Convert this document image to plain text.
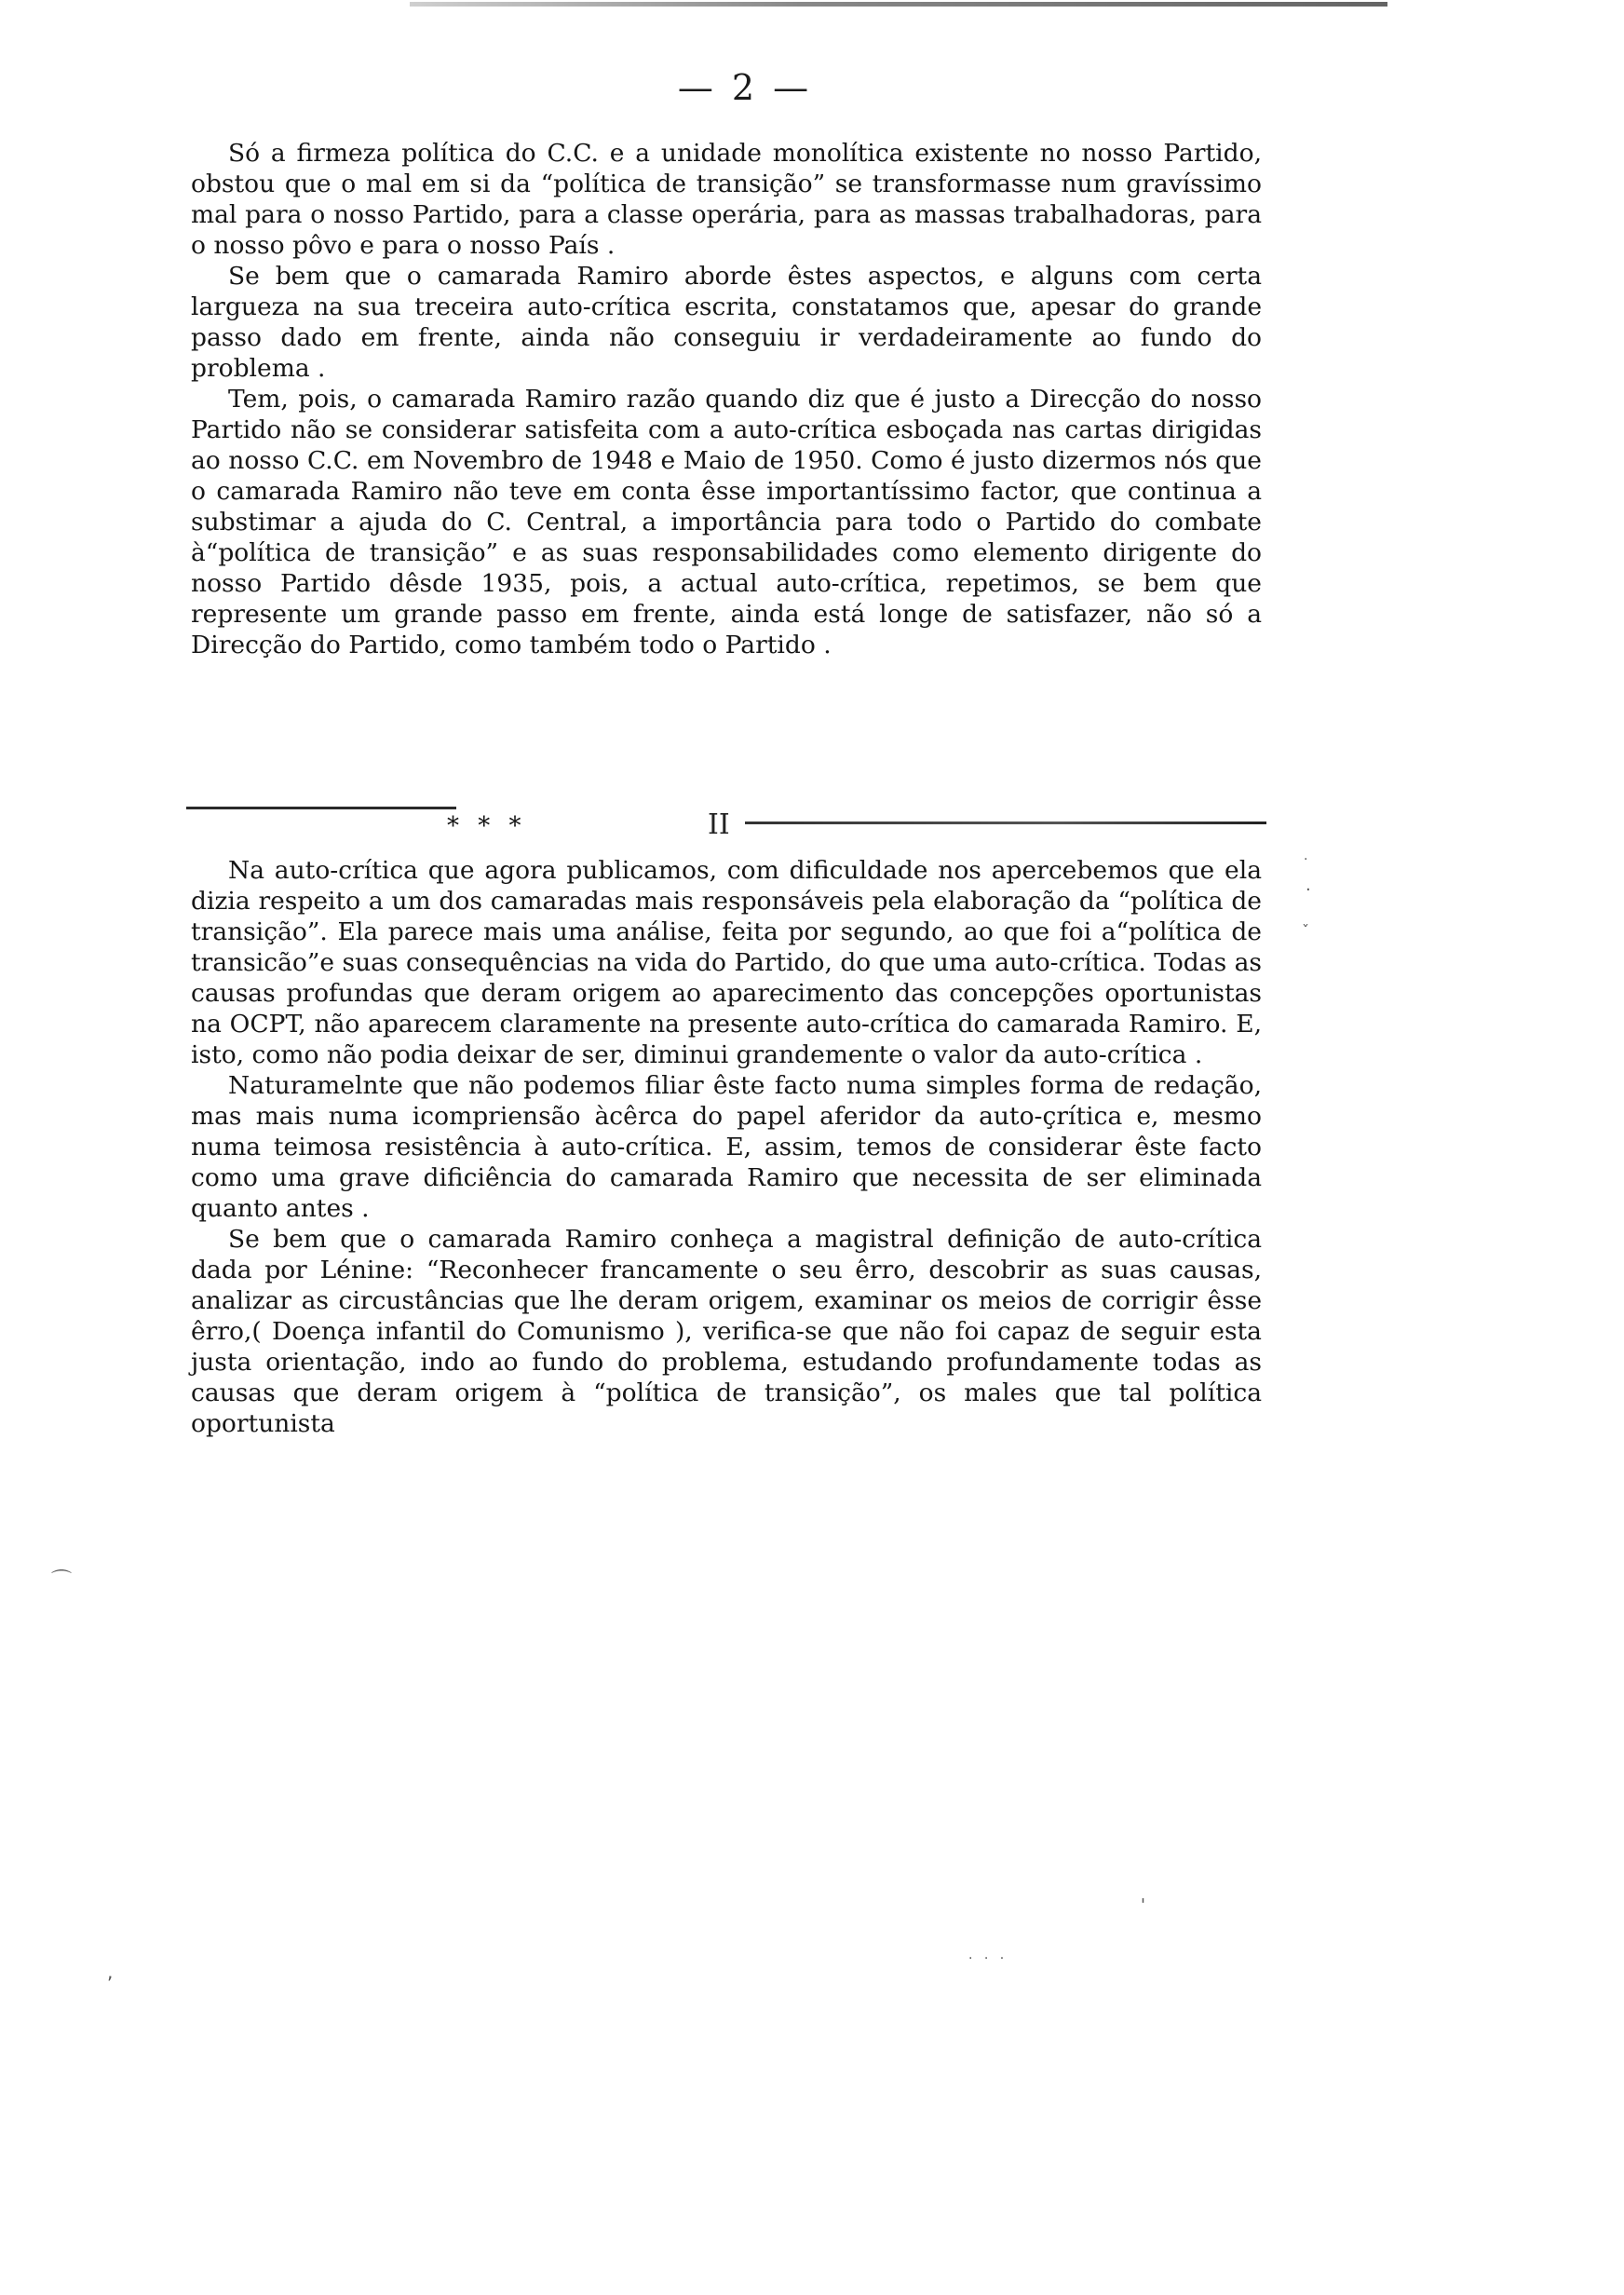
— 2 —

Só a firmeza política do C.C. e a unidade monolítica existente no nosso Partido, obstou que o mal em si da “política de transição” se transformasse num gravíssimo mal para o nosso Partido, para a classe operária, para as massas trabalhadoras, para o nosso pôvo e para o nosso País .

Se bem que o camarada Ramiro aborde êstes aspectos, e alguns com certa largueza na sua treceira auto-crítica escrita, constatamos que, apesar do grande passo dado em frente, ainda não conseguiu ir verdadeiramente ao fundo do problema .

Tem, pois, o camarada Ramiro razão quando diz que é justo a Direcção do nosso Partido não se considerar satisfeita com a auto-crítica esboçada nas cartas dirigidas ao nosso C.C. em Novembro de 1948 e Maio de 1950. Como é justo dizermos nós que o camarada Ramiro não teve em conta êsse importantíssimo factor, que continua a substimar a ajuda do C. Central, a importância para todo o Partido do combate à“política de transição” e as suas responsabilidades como elemento dirigente do nosso Partido dêsde 1935, pois, a actual auto-crítica, repetimos, se bem que represente um grande passo em frente, ainda está longe de satisfazer, não só a Direcção do Partido, como também todo o Partido .

* * *	II

Na auto-crítica que agora publicamos, com dificuldade nos apercebemos que ela dizia respeito a um dos camaradas mais responsáveis pela elaboração da “política de transição”. Ela parece mais uma análise, feita por segundo, ao que foi a“política de transicão”e suas consequências na vida do Partido, do que uma auto-crítica. Todas as causas profundas que deram origem ao aparecimento das concepções oportunistas na OCPT, não aparecem claramente na presente auto-crítica do camarada Ramiro. E, isto, como não podia deixar de ser, diminui grandemente o valor da auto-crítica .

Naturamelnte que não podemos filiar êste facto numa simples forma de redação, mas mais numa icompriensão àcêrca do papel aferidor da auto-çrítica e, mesmo numa teimosa resistência à auto-crítica. E, assim, temos de considerar êste facto como uma grave dificiência do camarada Ramiro que necessita de ser eliminada quanto antes .

Se bem que o camarada Ramiro conheça a magistral definição de auto-crítica dada por Lénine: “Reconhecer francamente o seu êrro, descobrir as suas causas, analizar as circustâncias que lhe deram origem, examinar os meios de corrigir êsse êrro,( Doença infantil do Comunismo ), verifica-se que não foi capaz de seguir esta justa orientação, indo ao fundo do problema, estudando profundamente todas as causas que deram origem à “política de transição”, os males que tal política oportunista

·
·
ˇ
⌒
'
,
· · ·
